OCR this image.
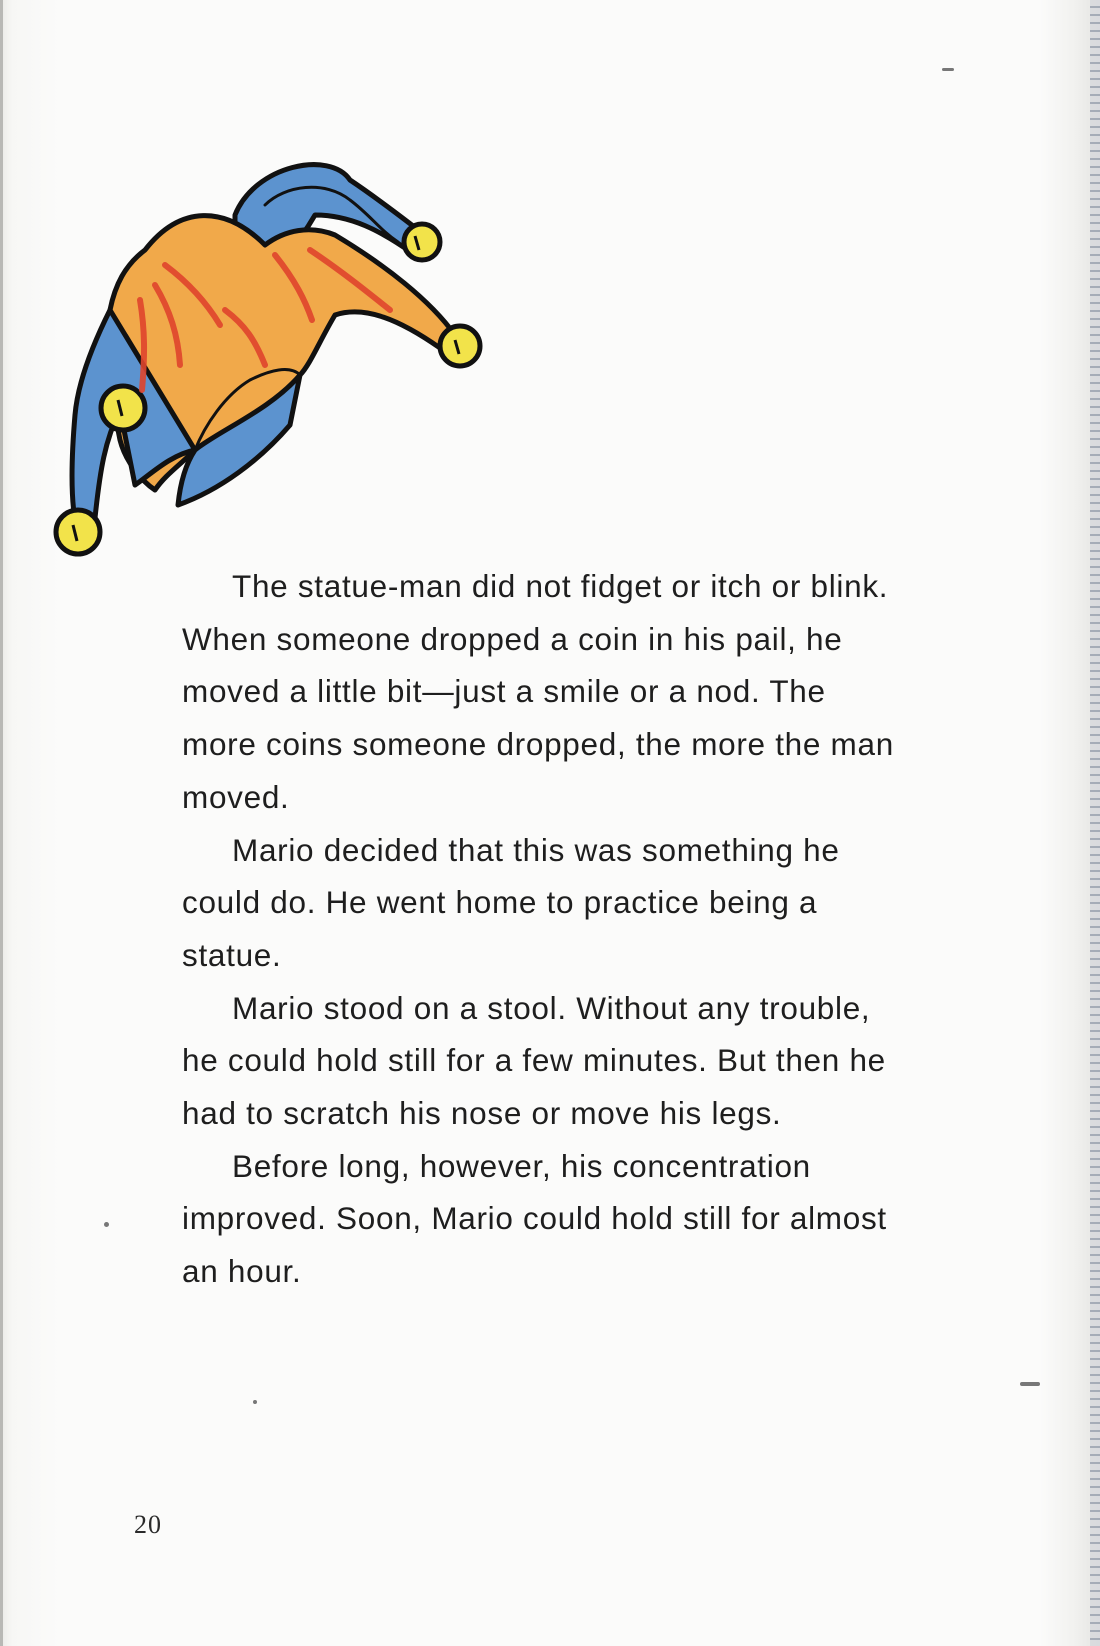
The statue-man did not fidget or itch or blink. When someone dropped a coin in his pail, he moved a little bit—just a smile or a nod. The more coins someone dropped, the more the man moved.

Mario decided that this was something he could do. He went home to practice being a statue.

Mario stood on a stool. Without any trouble, he could hold still for a few minutes. But then he had to scratch his nose or move his legs.

Before long, however, his concentration improved. Soon, Mario could hold still for almost an hour.

20
